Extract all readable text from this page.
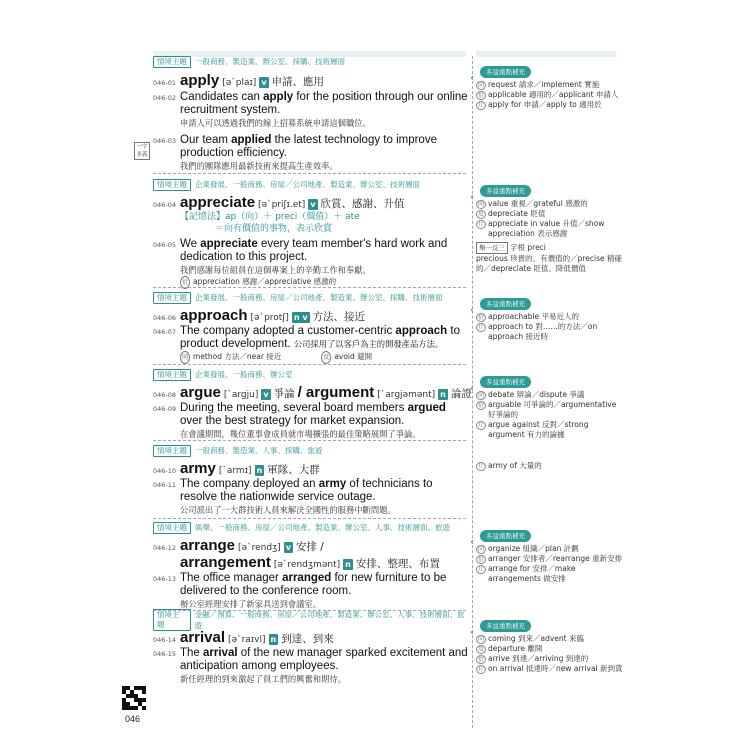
情境主題	一般商務、製造業、辦公室、採購、技術層面
046-01 apply [ə`plaɪ] v 申請、應用
046-02 Candidates can apply for the position through our online recruitment system.
申請人可以透過我們的線上招募系統申請這個職位。
046-03 Our team applied the latest technology to improve production efficiency.
我們的團隊應用最新技術來提高生產效率。
一字
多義
‹
多益重點補充
同 request 請求／implement 實施
衍 applicable 適用的／applicant 申請人
片 apply for 申請／apply to 適用於
情境主題	企業發展、一般商務、房屋／公司地產、製造業、辦公室、技術層面
046-04 appreciate [ə`priʃɪ.et] v 欣賞、感謝、升值
【記憶法】ap（向）＋ preci（價值）＋ ate
＝向有價值的事物，表示欣賞
046-05 We appreciate every team member's hard work and dedication to this project.
我們感謝每位組員在這個專案上的辛勤工作和奉獻。
衍 appreciation 感謝／appreciative 感激的
‹
多益重點補充
同 value 重視／grateful 感激的
反 depreciate 貶值
片 appreciate in value 升值／show appreciation 表示感謝
舉一反三 字根 preci
precious 珍貴的、有價值的／precise 精確的／depreciate 貶值、降低價值
情境主題	企業發展、一般商務、房屋／公司地產、製造業、辦公室、採購、技術層面
046-06 approach [ə`protʃ] n v 方法、接近
046-07 The company adopted a customer-centric approach to product development. 公司採用了以客戶為主的開發產品方法。
同 method 方法／near 接近	反 avoid 避開
‹
多益重點補充
衍 approachable 平易近人的
片 approach to 對……的方法／on approach 接近時
情境主題	企業發展、一般商務、辦公室
046-08 argue [`argju] v 爭論 / argument [`argjəmənt] n 論證
046-09 During the meeting, several board members argued over the best strategy for market expansion.
在會議期間，幾位董事會成員就市場擴張的最佳策略展開了爭論。
‹
多益重點補充
同 debate 辯論／dispute 爭議
衍 arguable 可爭論的／argumentative 好爭論的
片 argue against 反對／strong argument 有力的論據
情境主題	一般商務、製造業、人事、採購、旅遊
046-10 army [`armɪ] n 軍隊、大群
046-11 The company deployed an army of technicians to resolve the nationwide service outage.
公司派出了一大群技術人員來解決全國性的服務中斷問題。
片 army of 大量的
情境主題	娛樂、一般商務、房屋／公司地產、製造業、辦公室、人事、技術層面、旅遊
046-12 arrange [ə`rendʒ] v 安排 /
arrangement [ə`rendʒmənt] n 安排、整理、布置
046-13 The office manager arranged for new furniture to be delivered to the conference room.
辦公室經理安排了新家具送到會議室。
‹
多益重點補充
同 organize 組織／plan 計劃
衍 arranger 安排者／rearrange 重新安排
片 arrange for 安排／make arrangements 做安排
情境主題
金融／預算、一般商務、房屋／公司地產、製造業、辦公室、人事、技術層面、旅遊
046-14 arrival [ə`raɪvl] n 到達、到來
046-15 The arrival of the new manager sparked excitement and anticipation among employees.
新任經理的到來激起了員工們的興奮和期待。
‹
多益重點補充
同 coming 到來／advent 來臨
反 departure 離開
衍 arrive 到達／arriving 到達的
片 on arrival 抵達時／new arrival 新到貨
046
